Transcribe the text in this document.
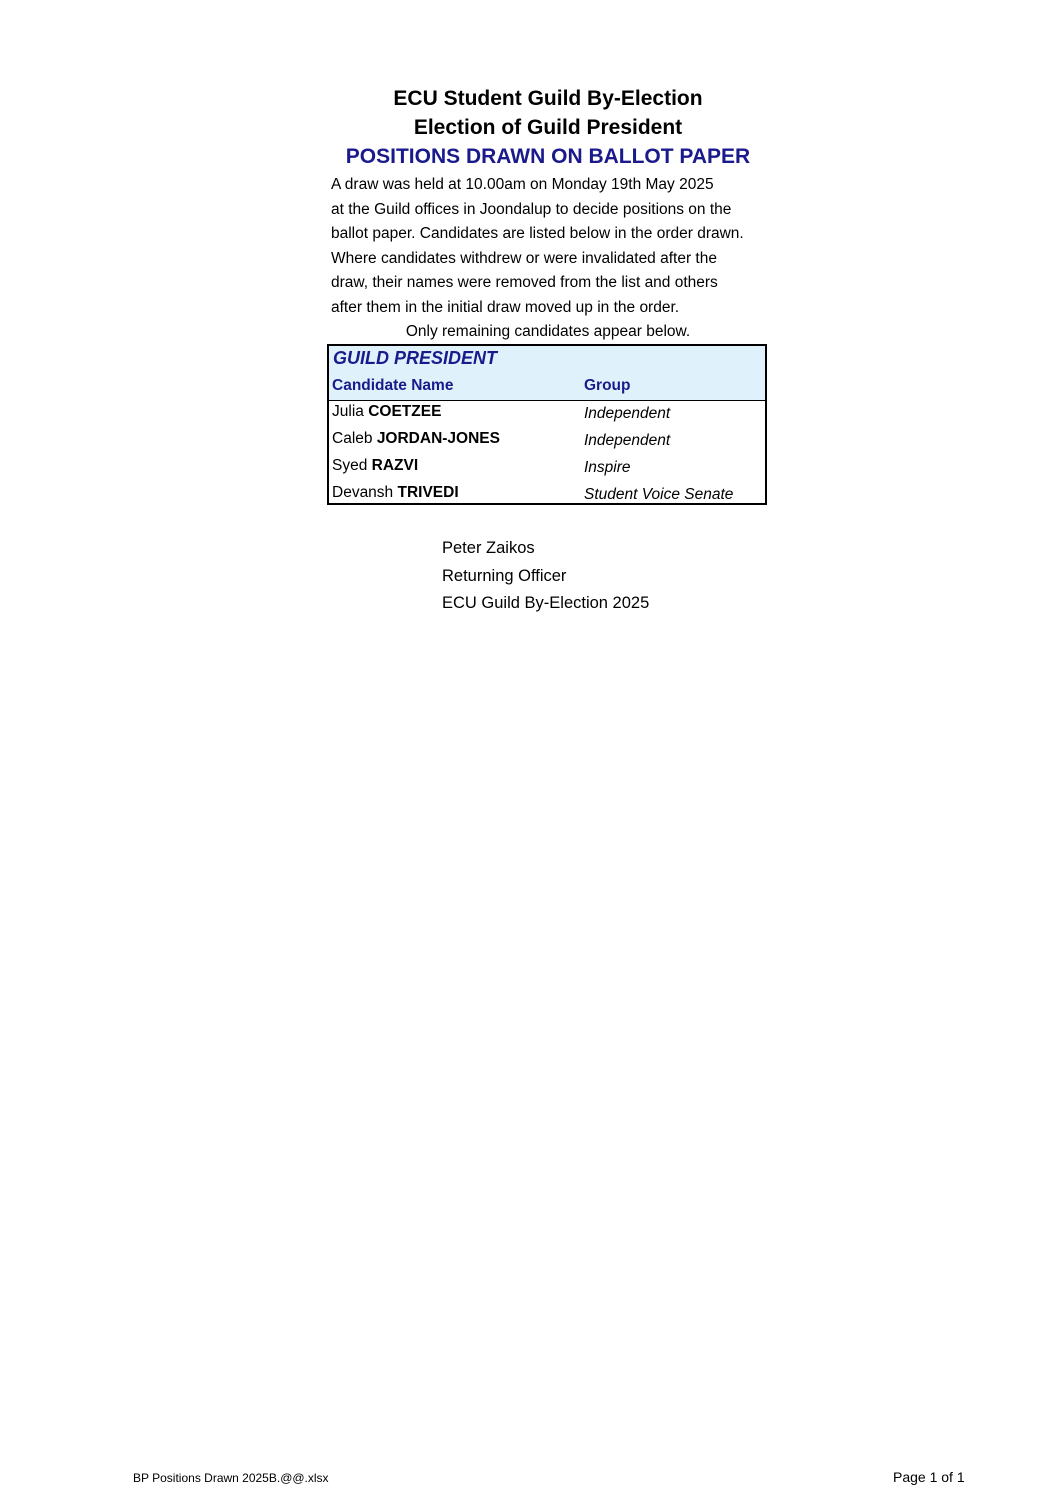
ECU Student Guild By-Election
Election of Guild President
POSITIONS DRAWN ON BALLOT PAPER
A draw was held at 10.00am on Monday 19th May 2025
at the Guild offices in Joondalup to decide positions on the
ballot paper. Candidates are listed below in the order drawn.
Where candidates withdrew or were invalidated after the
draw, their names were removed from the list and others
after them in the initial draw moved up in the order.
Only remaining candidates appear below.
GUILD PRESIDENT
Candidate Name	Group
Julia COETZEE	Independent
Caleb JORDAN-JONES	Independent
Syed RAZVI	Inspire
Devansh TRIVEDI	Student Voice Senate
Peter Zaikos
Returning Officer
ECU Guild By-Election 2025
BP Positions Drawn 2025B.@@.xlsx	Page 1 of 1
